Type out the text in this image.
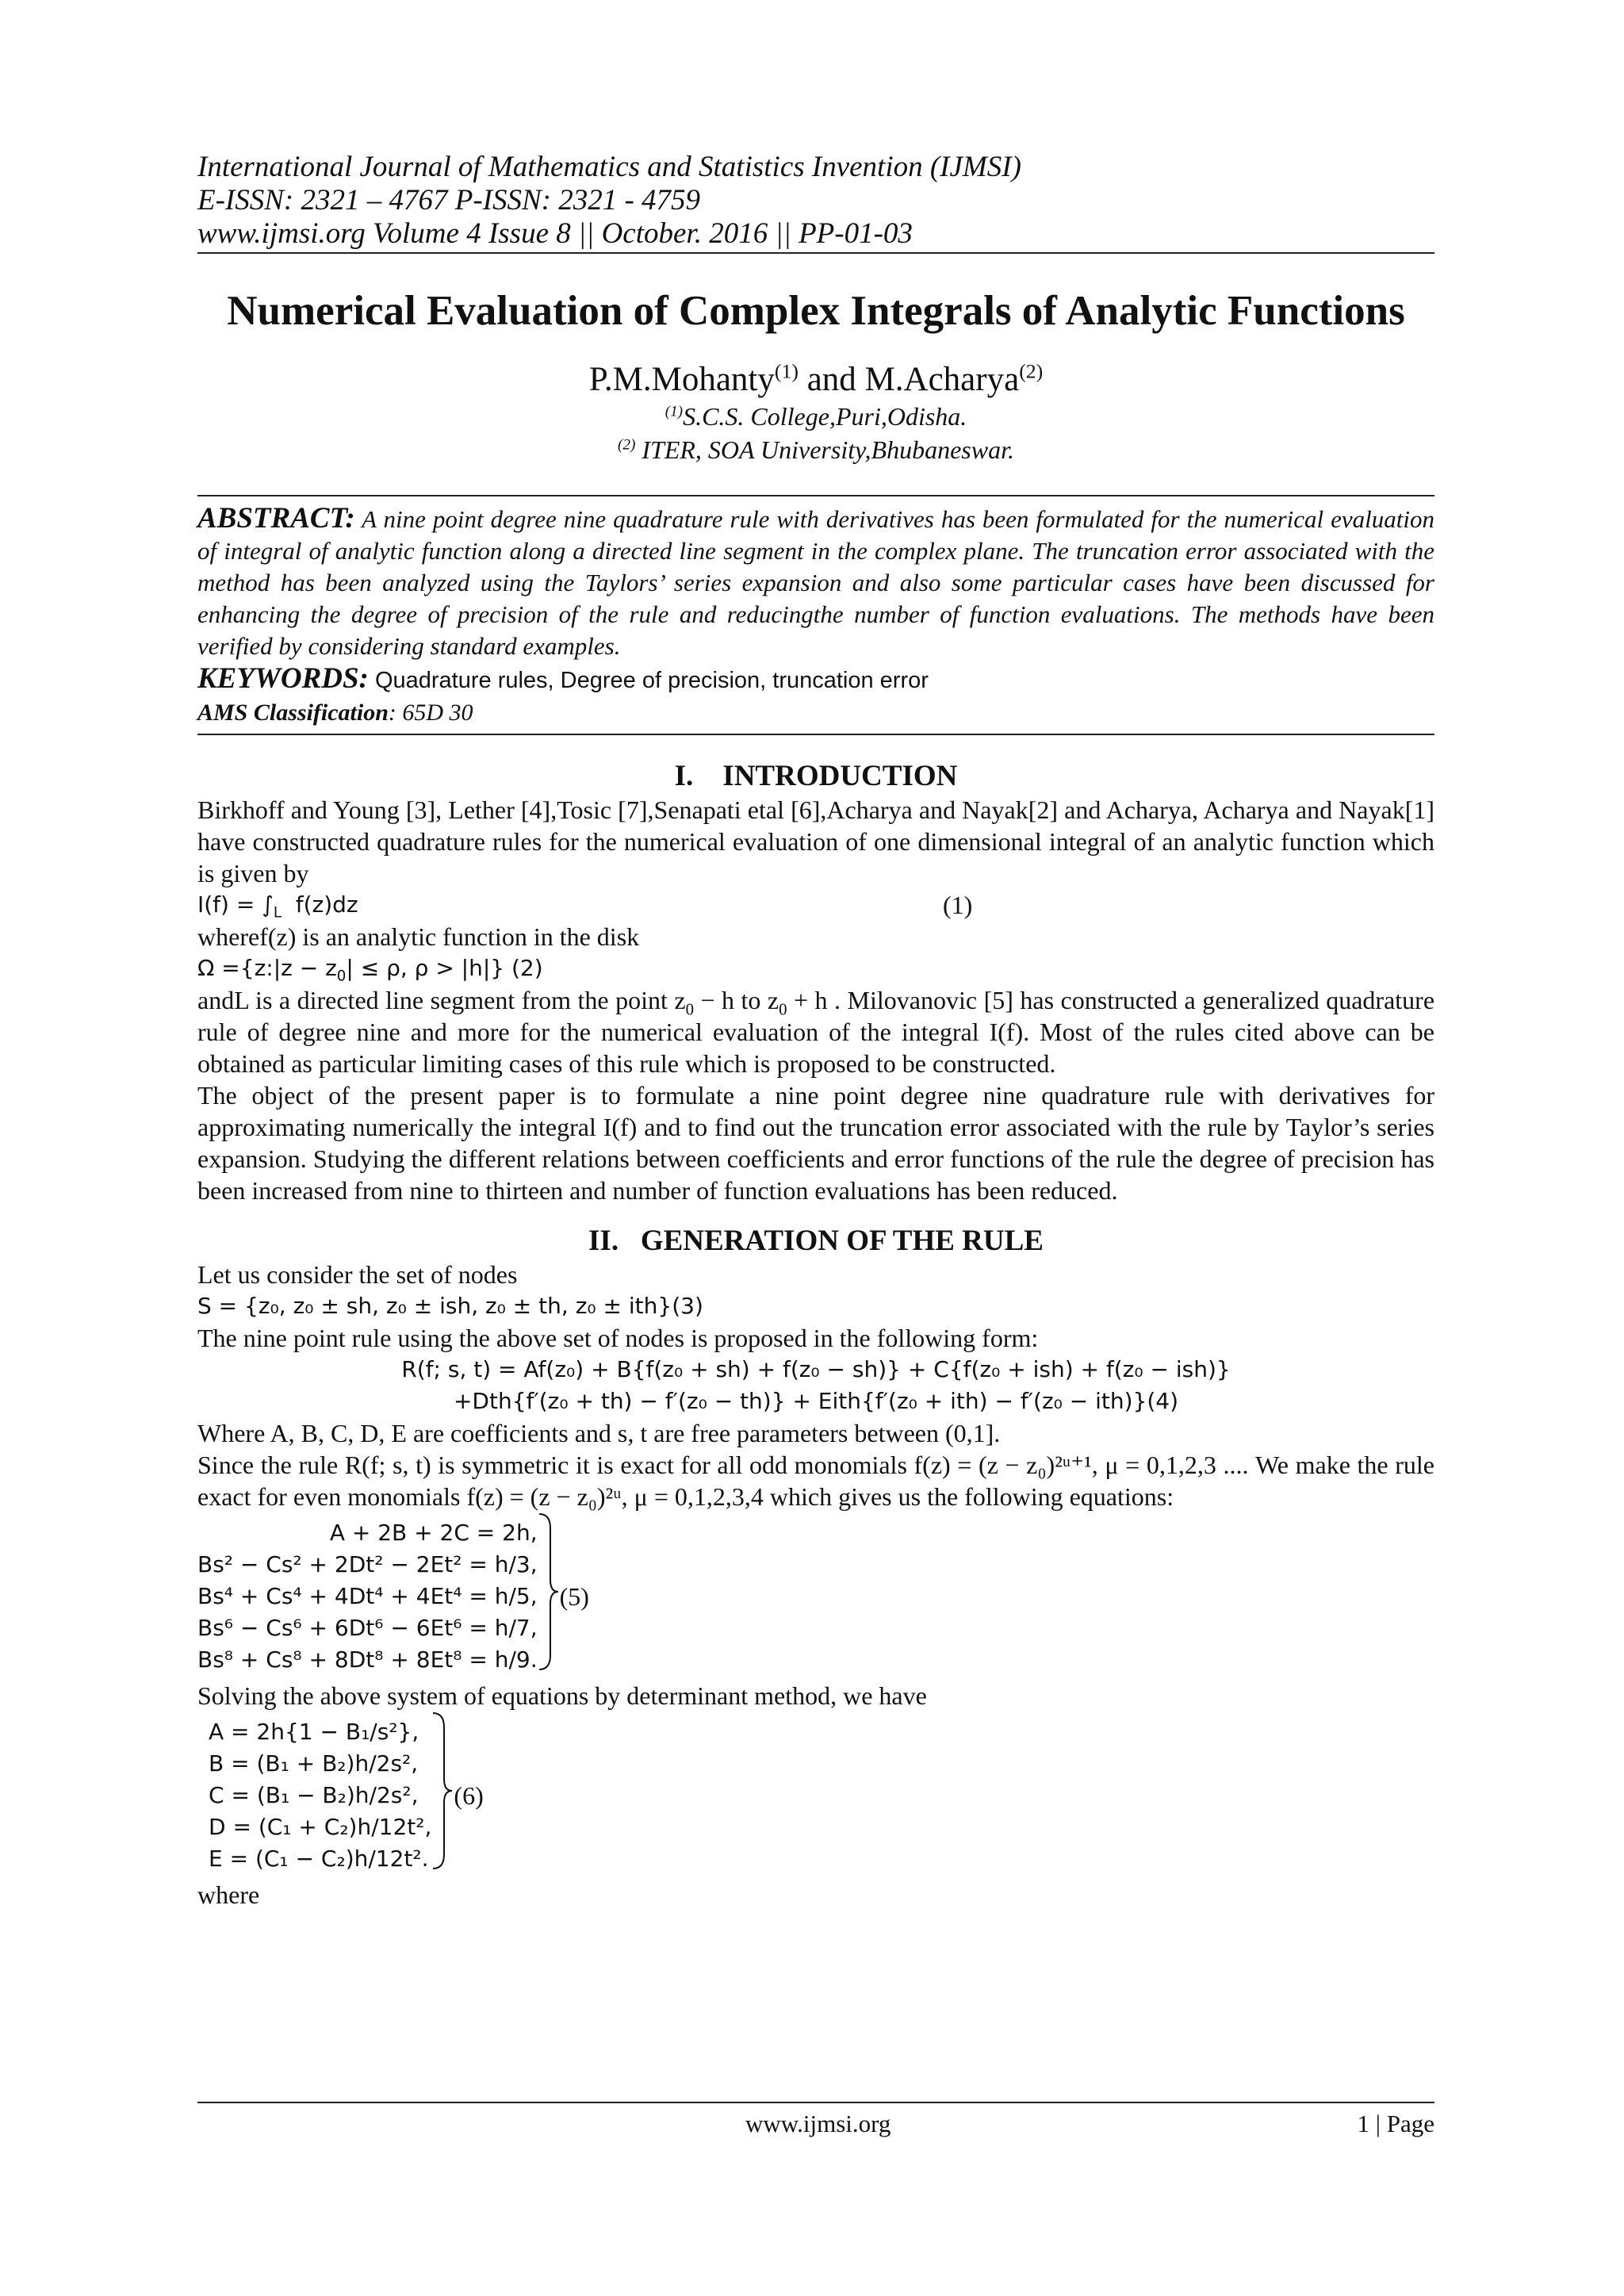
International Journal of Mathematics and Statistics Invention (IJMSI)
E-ISSN: 2321 – 4767 P-ISSN: 2321 - 4759
www.ijmsi.org Volume 4 Issue 8 || October. 2016 || PP-01-03
Numerical Evaluation of Complex Integrals of Analytic Functions
P.M.Mohanty$^{(1)}$ and M.Acharya$^{(2)}$
$^{(1)}$S.C.S. College,Puri,Odisha.
$^{(2)}$ ITER, SOA University,Bhubaneswar.
ABSTRACT: A nine point degree nine quadrature rule with derivatives has been formulated for the numerical evaluation of integral of analytic function along a directed line segment in the complex plane. The truncation error associated with the method has been analyzed using the Taylors’ series expansion and also some particular cases have been discussed for enhancing the degree of precision of the rule and reducingthe number of function evaluations. The methods have been verified by considering standard examples.
KEYWORDS: Quadrature rules, Degree of precision, truncation error
AMS Classification: 65D 30
I.    INTRODUCTION

Birkhoff and Young [3], Lether [4],Tosic [7],Senapati etal [6],Acharya and Nayak[2] and Acharya, Acharya and Nayak[1] have constructed quadrature rules for the numerical evaluation of one dimensional integral of an analytic function which is given by

$I(f) = \int_L$  f(z)dz	(1)

wheref(z) is an analytic function in the disk

Ω ={z:|z − $z_0| \le \rho$, ρ > |h|} (2)

andL is a directed line segment from the point $z_0 - h$ to $z_0 + h$ . Milovanovic [5] has constructed a generalized quadrature rule of degree nine and more for the numerical evaluation of the integral I(f). Most of the rules cited above can be obtained as particular limiting cases of this rule which is proposed to be constructed.

The object of the present paper is to formulate a nine point degree nine quadrature rule with derivatives for approximating numerically the integral I(f) and to find out the truncation error associated with the rule by Taylor’s series expansion. Studying the different relations between coefficients and error functions of the rule the degree of precision has been increased from nine to thirteen and number of function evaluations has been reduced.

II.   GENERATION OF THE RULE

Let us consider the set of nodes

S = {z₀, z₀ ± sh, z₀ ± ish, z₀ ± th, z₀ ± ith}(3)

The nine point rule using the above set of nodes is proposed in the following form:

R(f; s, t) = Af(z₀) + B{f(z₀ + sh) + f(z₀ − sh)} + C{f(z₀ + ish) + f(z₀ − ish)}
+Dth{f′(z₀ + th) − f′(z₀ − th)} + Eith{f′(z₀ + ith) − f′(z₀ − ith)}(4)

Where A, B, C, D, E are coefficients and s, t are free parameters between (0,1].

Since the rule R(f; s, t) is symmetric it is exact for all odd monomials f(z) = (z − z₀)²ᵘ⁺¹, μ = 0,1,2,3 .... We make the rule exact for even monomials f(z) = (z − z₀)²ᵘ, μ = 0,1,2,3,4 which gives us the following equations:

A + 2B + 2C = 2h,
Bs² − Cs² + 2Dt² − 2Et² = h/3,
Bs⁴ + Cs⁴ + 4Dt⁴ + 4Et⁴ = h/5,
Bs⁶ − Cs⁶ + 6Dt⁶ − 6Et⁶ = h/7,
Bs⁸ + Cs⁸ + 8Dt⁸ + 8Et⁸ = h/9.
(5)

Solving the above system of equations by determinant method, we have

A = 2h{1 − B₁/s²},
B = (B₁ + B₂)h/2s²,
C = (B₁ − B₂)h/2s²,
D = (C₁ + C₂)h/12t²,
E = (C₁ − C₂)h/12t².
(6)

where

www.ijmsi.org	1 | Page
